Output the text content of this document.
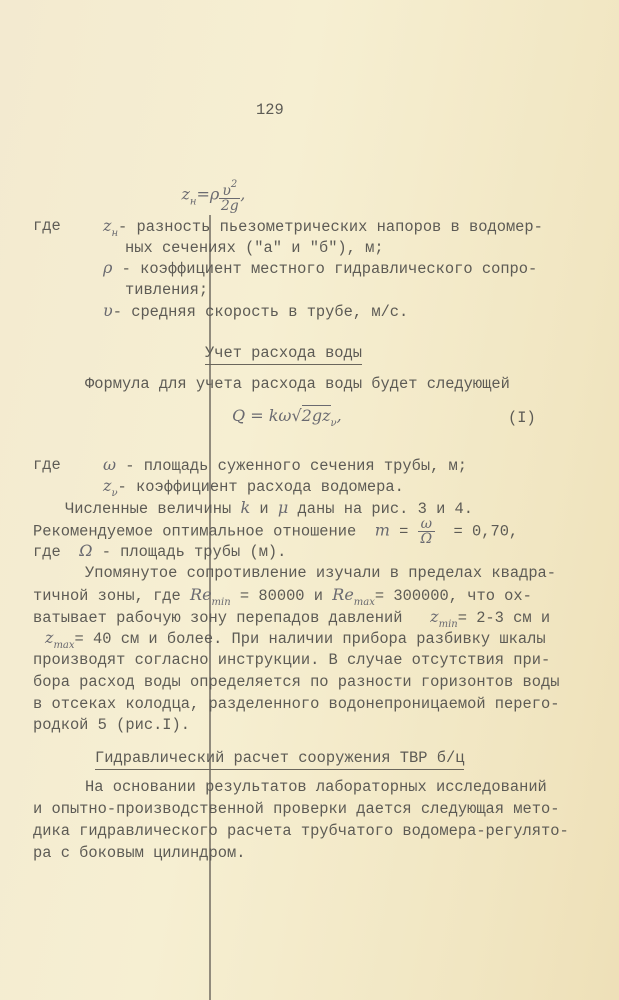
129

$z_н=\rho \frac{\upsilon^2}{2g}$ ,

где	$z_н-$ разность пьезометрических напоров в водомер-
ных сечениях ("а" и "б"), м;
ρ - коэффициент местного гидравлического сопро-
тивления;
υ- средняя скорость в трубе, м/с.
Учет расхода воды
Формула для учета расхода воды будет следующей
$Q = k\omega√2gz_\nu$,	(I)
где	ω - площадь суженного сечения трубы, м;
$z_\nu-$ коэффициент расхода водомера.
Численные величины k и μ даны на рис. 3 и 4.
Рекомендуемое оптимальное отношение  $m = \frac{\omega}{\Omega} = 0,70$,
где  Ω - площадь трубы (м).
Упомянутое сопротивление изучали в пределах квадра-
тичной зоны, где $Re_{min} = 80000$ и $Re_{max}= 300000$, что ох-
ватывает рабочую зону перепадов давлений   $z_{min}= 2-3$ см и
$z_{max}= 40$ см и более. При наличии прибора разбивку шкалы
производят согласно инструкции. В случае отсутствия при-
бора расход воды определяется по разности горизонтов воды
в отсеках колодца, разделенного водонепроницаемой перего-
родкой 5 (рис.I).
Гидравлический расчет сооружения ТВР б/ц
На основании результатов лабораторных исследований
и опытно-производственной проверки дается следующая мето-
дика гидравлического расчета трубчатого водомера-регулято-
ра с боковым цилиндром.
